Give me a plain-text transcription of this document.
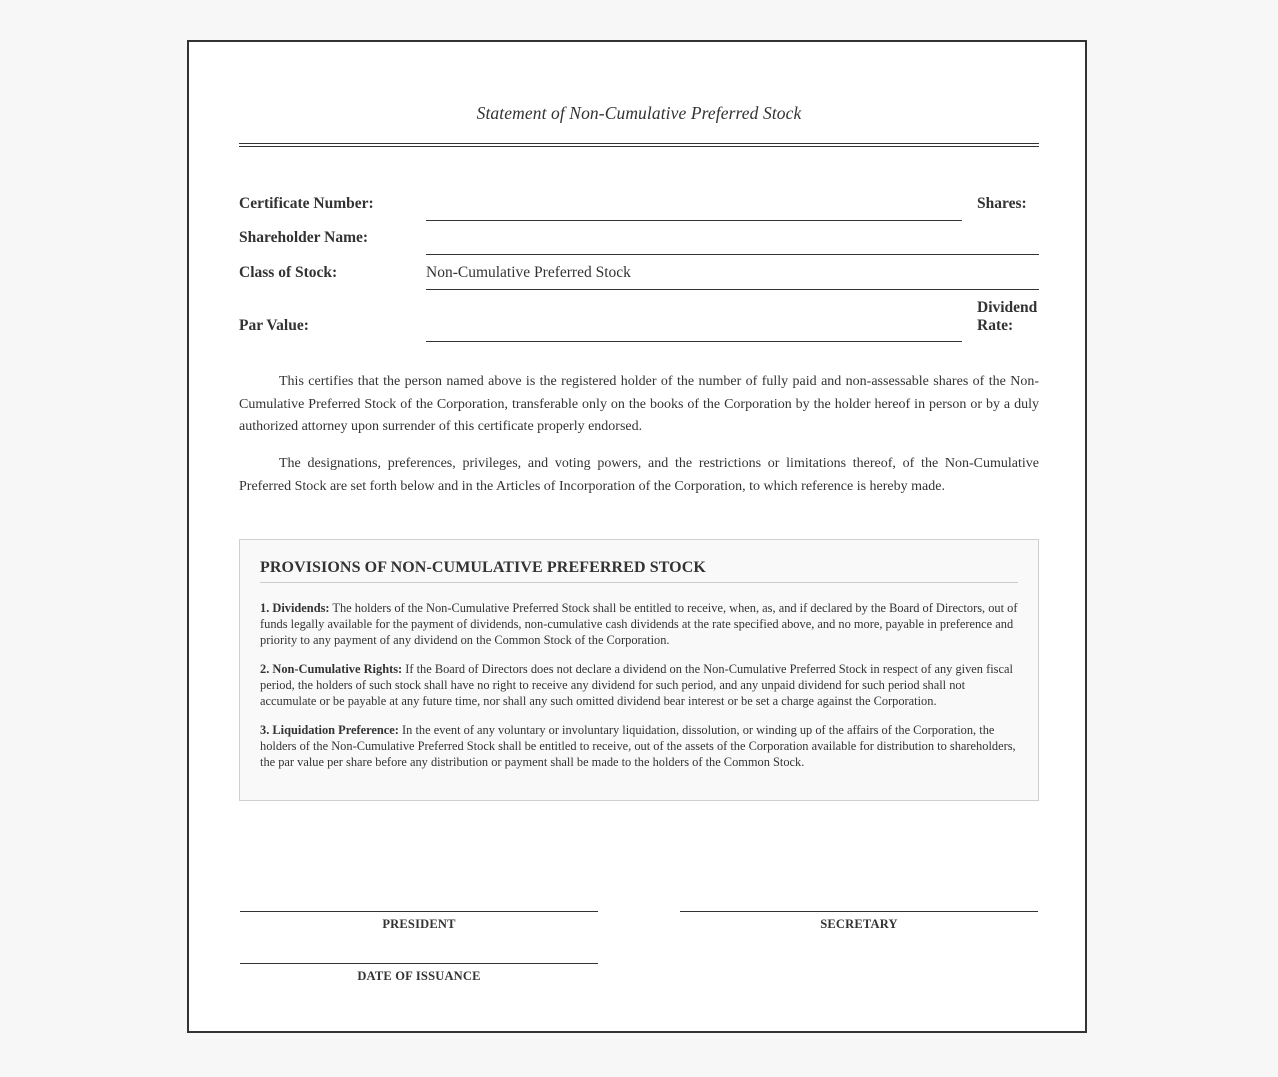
Statement of Non-Cumulative Preferred Stock
Certificate Number:	Shares:
Shareholder Name:
Class of Stock:	Non-Cumulative Preferred Stock
Par Value:
Dividend
Rate:

This certifies that the person named above is the registered holder of the number of fully paid and non-assessable shares of the Non-Cumulative Preferred Stock of the Corporation, transferable only on the books of the Corporation by the holder hereof in person or by a duly authorized attorney upon surrender of this certificate properly endorsed.

The designations, preferences, privileges, and voting powers, and the restrictions or limitations thereof, of the Non-Cumulative Preferred Stock are set forth below and in the Articles of Incorporation of the Corporation, to which reference is hereby made.

PROVISIONS OF NON-CUMULATIVE PREFERRED STOCK

1. Dividends: The holders of the Non-Cumulative Preferred Stock shall be entitled to receive, when, as, and if declared by the Board of Directors, out of funds legally available for the payment of dividends, non-cumulative cash dividends at the rate specified above, and no more, payable in preference and priority to any payment of any dividend on the Common Stock of the Corporation.

2. Non-Cumulative Rights: If the Board of Directors does not declare a dividend on the Non-Cumulative Preferred Stock in respect of any given fiscal period, the holders of such stock shall have no right to receive any dividend for such period, and any unpaid dividend for such period shall not accumulate or be payable at any future time, nor shall any such omitted dividend bear interest or be set a charge against the Corporation.

3. Liquidation Preference: In the event of any voluntary or involuntary liquidation, dissolution, or winding up of the affairs of the Corporation, the holders of the Non-Cumulative Preferred Stock shall be entitled to receive, out of the assets of the Corporation available for distribution to shareholders, the par value per share before any distribution or payment shall be made to the holders of the Common Stock.

PRESIDENT	SECRETARY
DATE OF ISSUANCE
